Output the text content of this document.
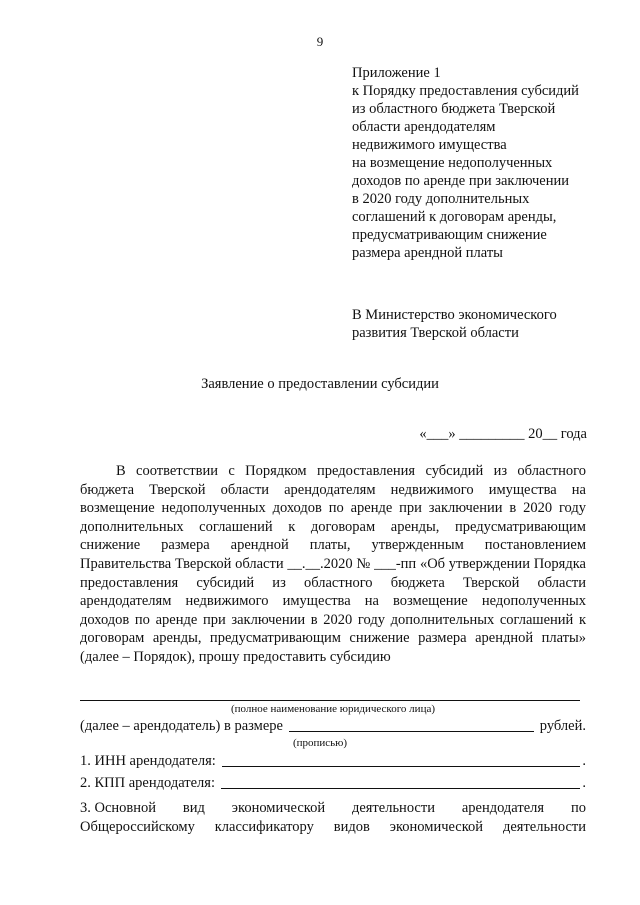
9
Приложение 1
к Порядку предоставления субсидий
из областного бюджета Тверской
области арендодателям
недвижимого имущества
на возмещение недополученных
доходов по аренде при заключении
в 2020 году дополнительных
соглашений к договорам аренды,
предусматривающим снижение
размера арендной платы
В Министерство экономического
развития Тверской области
Заявление о предоставлении субсидии
«___» _________ 20__ года
В соответствии с Порядком предоставления субсидий из областного бюджета Тверской области арендодателям недвижимого имущества на возмещение недополученных доходов по аренде при заключении в 2020 году дополнительных соглашений к договорам аренды, предусматривающим снижение размера арендной платы, утвержденным постановлением Правительства Тверской области __.__.2020 № ___-пп «Об утверждении Порядка предоставления субсидий из областного бюджета Тверской области арендодателям недвижимого имущества на возмещение недополученных доходов по аренде при заключении в 2020 году дополнительных соглашений к договорам аренды, предусматривающим снижение размера арендной платы» (далее – Порядок), прошу предоставить субсидию
(полное наименование юридического лица)
(далее – арендодатель) в размере	рублей.
(прописью)
1. ИНН арендодателя:	.
2. КПП арендодателя:	.
3. Основной вид экономической деятельности арендодателя по
Общероссийскому классификатору видов экономической деятельности
